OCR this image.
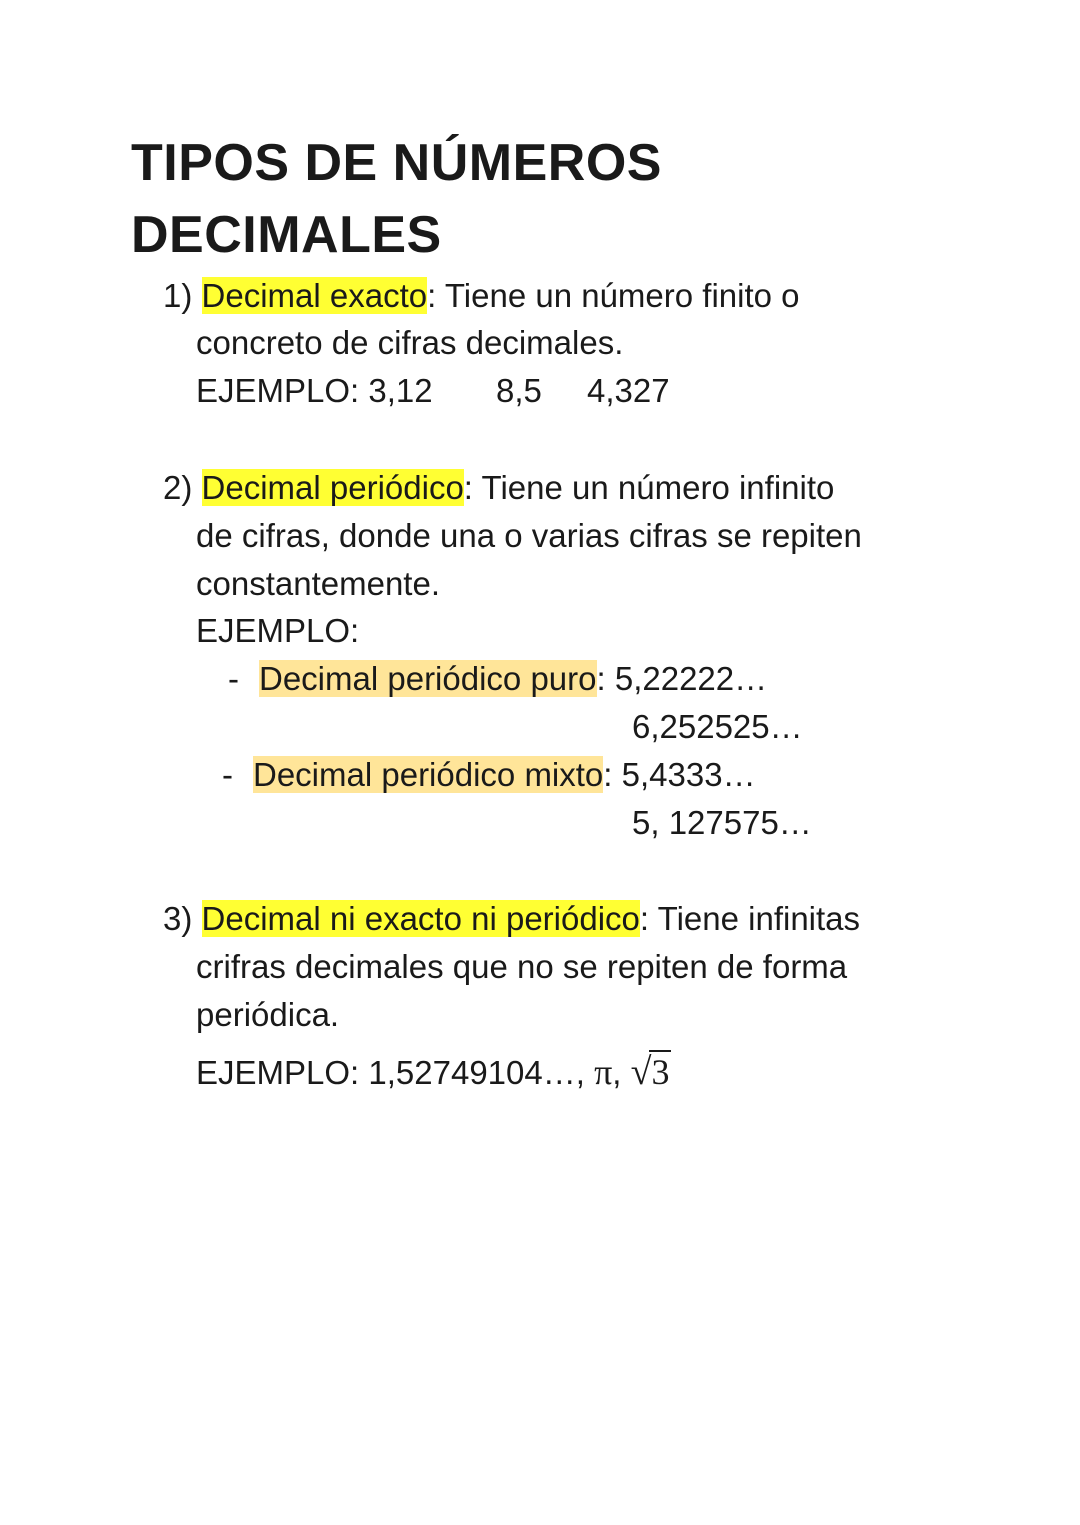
TIPOS DE NÚMEROS
DECIMALES
1) Decimal exacto: Tiene un número finito o
concreto de cifras decimales.
EJEMPLO: 3,12 8,5 4,327
2) Decimal periódico: Tiene un número infinito
de cifras, donde una o varias cifras se repiten
constantemente.
EJEMPLO:
- Decimal periódico puro: 5,22222…
6,252525…
- Decimal periódico mixto: 5,4333…
5, 127575…
3) Decimal ni exacto ni periódico: Tiene infinitas
crifras decimales que no se repiten de forma
periódica.
EJEMPLO: 1,52749104…, π, √3
